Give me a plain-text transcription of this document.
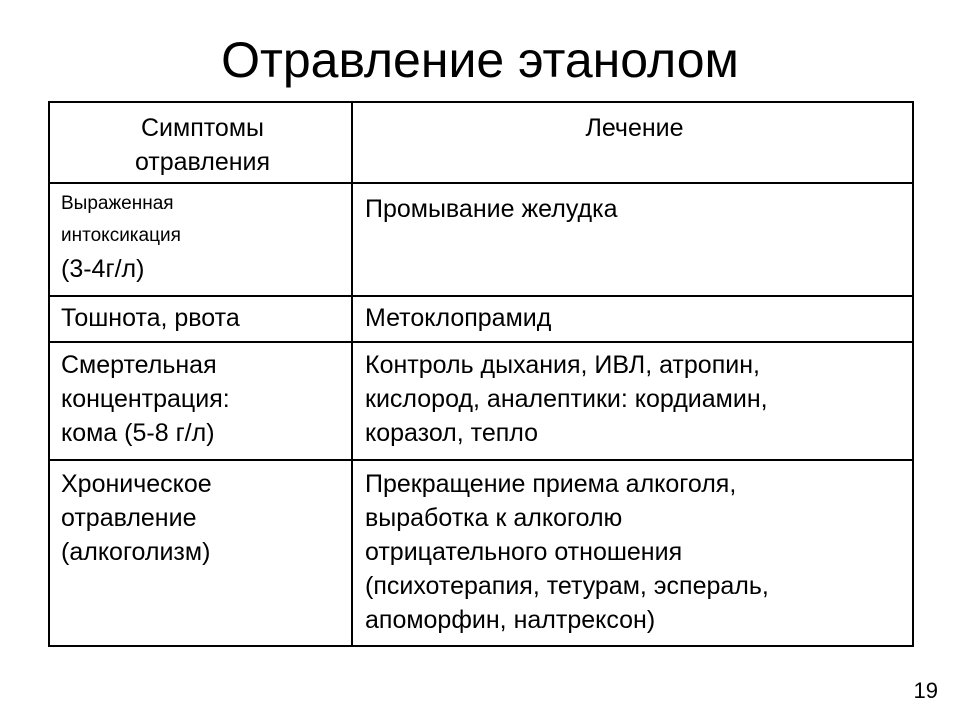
Отравление этанолом
Симптомы
отравления	Лечение

Выраженная
интоксикация
(3-4г/л)	Промывание желудка
Тошнота, рвота	Метоклопрамид

Смертельная
концентрация:
кома (5-8 г/л)	Контроль дыхания, ИВЛ, атропин,
кислород, аналептики: кордиамин,
коразол, тепло

Хроническое
отравление
(алкоголизм)	Прекращение приема алкоголя,
выработка к алкоголю
отрицательного отношения
(психотерапия, тетурам, эспераль,
апоморфин, налтрексон)
19
